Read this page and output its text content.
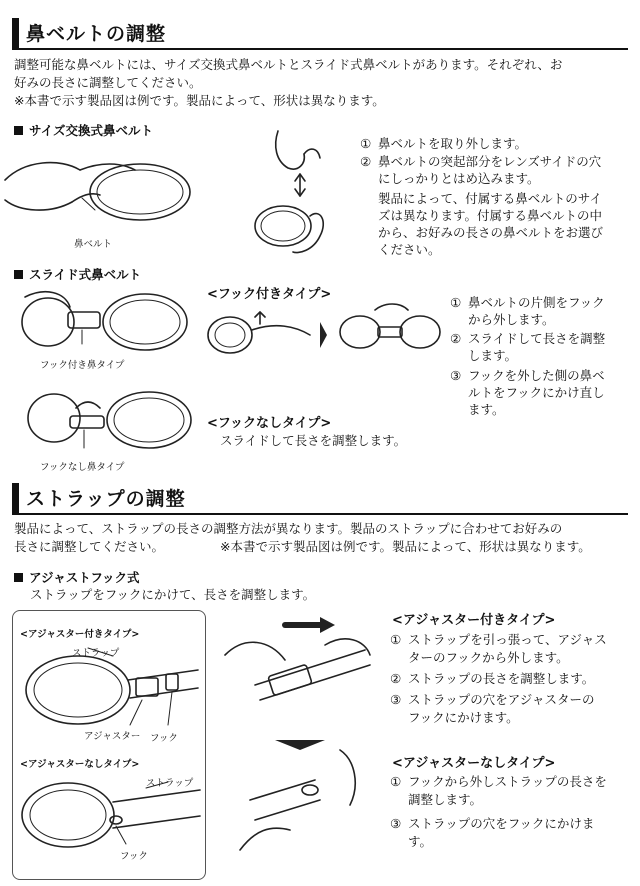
鼻ベルトの調整
調整可能な鼻ベルトには、サイズ交換式鼻ベルトとスライド式鼻ベルトがあります。それぞれ、お
好みの長さに調整してください。
※本書で示す製品図は例です。製品によって、形状は異なります。
サイズ交換式鼻ベルト
鼻ベルト
① 鼻ベルトを取り外します。
② 鼻ベルトの突起部分をレンズサイドの穴
にしっかりとはめ込みます。
製品によって、付属する鼻ベルトのサイ
ズは異なります。付属する鼻ベルトの中
から、お好みの長さの鼻ベルトをお選び
ください。
スライド式鼻ベルト
フック付き鼻タイプ
フックなし鼻タイプ
<フック付きタイプ>
① 鼻ベルトの片側をフック
から外します。
② スライドして長さを調整
します。
③ フックを外した側の鼻ベ
ルトをフックにかけ直し
ます。
<フックなしタイプ>
スライドして長さを調整します。
ストラップの調整
製品によって、ストラップの長さの調整方法が異なります。製品のストラップに合わせてお好みの
長さに調整してください。	※本書で示す製品図は例です。製品によって、形状は異なります。
アジャストフック式
ストラップをフックにかけて、長さを調整します。
<アジャスター付きタイプ>
ストラップ
アジャスター フック
<アジャスターなしタイプ>
ストラップ
フック
<アジャスター付きタイプ>
① ストラップを引っ張って、アジャス
ターのフックから外します。
② ストラップの長さを調整します。
③ ストラップの穴をアジャスターの
フックにかけます。
<アジャスターなしタイプ>
① フックから外しストラップの長さを
調整します。
③ ストラップの穴をフックにかけま
す。
